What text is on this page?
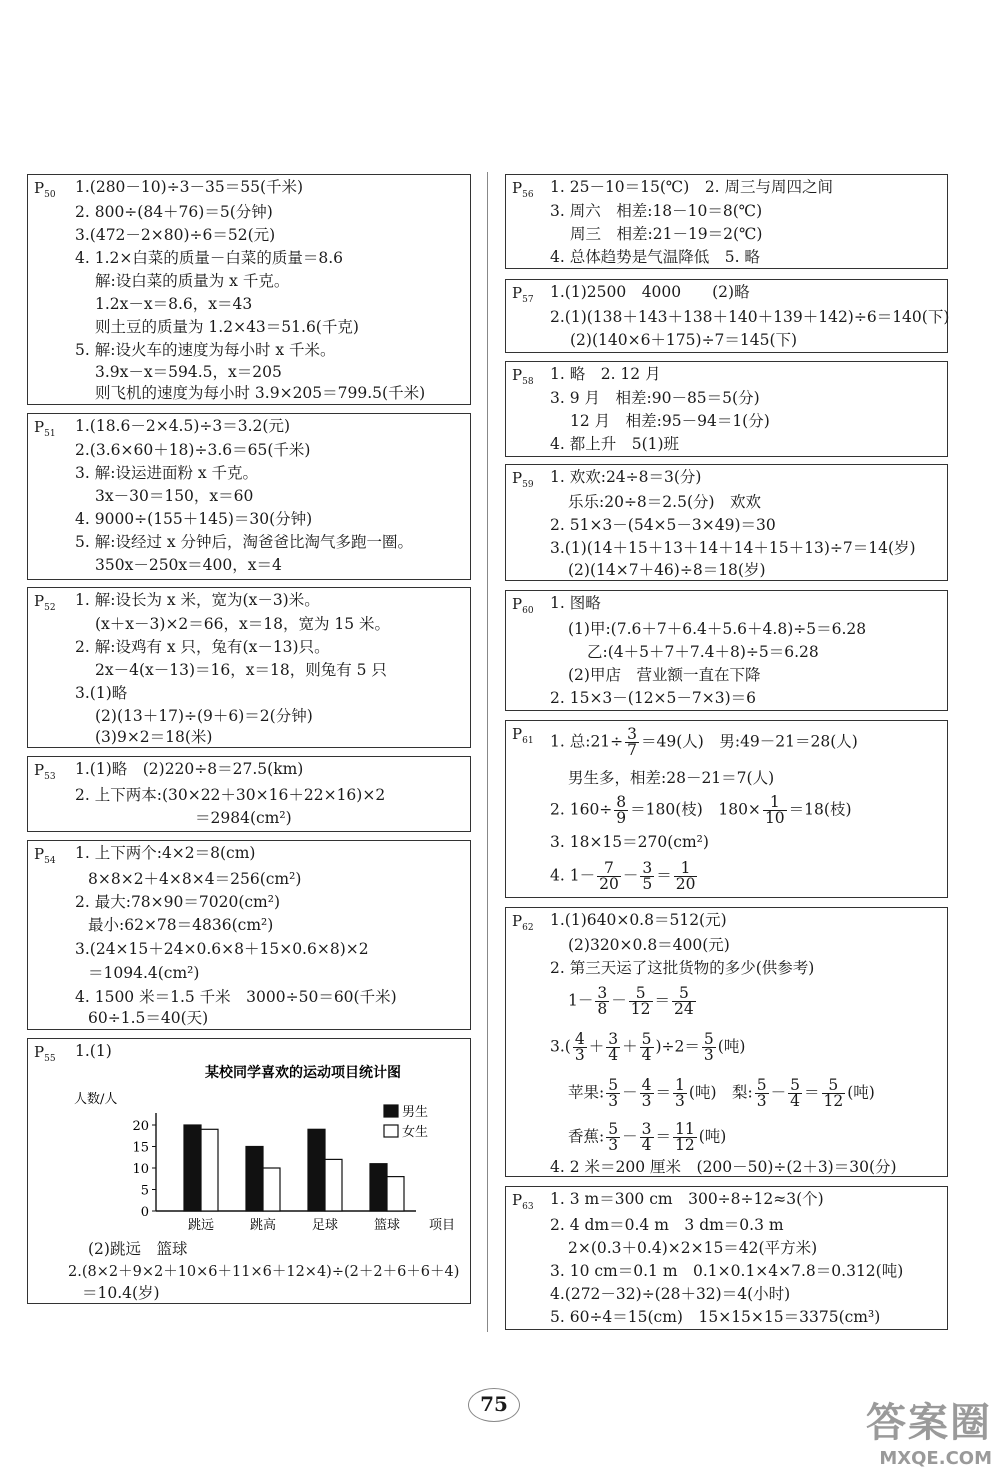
$P_{50}$ 1.(280－10)÷3－35＝55(千米)
2. 800÷(84＋76)＝5(分钟)
3.(472－2×80)÷6＝52(元)
4. 1.2×白菜的质量－白菜的质量＝8.6
解:设白菜的质量为 x 千克。
1.2x－x＝8.6，x＝43
则土豆的质量为 1.2×43＝51.6(千克)
5. 解:设火车的速度为每小时 x 千米。
3.9x－x＝594.5，x＝205
则飞机的速度为每小时 3.9×205＝799.5(千米)
$P_{51}$ 1.(18.6－2×4.5)÷3＝3.2(元)
2.(3.6×60＋18)÷3.6＝65(千米)
3. 解:设运进面粉 x 千克。
3x－30＝150，x＝60
4. 9000÷(155＋145)＝30(分钟)
5. 解:设经过 x 分钟后，淘爸爸比淘气多跑一圈。
350x－250x＝400，x＝4
$P_{52}$ 1. 解:设长为 x 米，宽为(x－3)米。
(x＋x－3)×2＝66，x＝18，宽为 15 米。
2. 解:设鸡有 x 只，兔有(x－13)只。
2x－4(x－13)＝16，x＝18，则兔有 5 只
3.(1)略
(2)(13＋17)÷(9＋6)＝2(分钟)
(3)9×2＝18(米)
$P_{53}$ 1.(1)略　(2)220÷8＝27.5(km)
2. 上下两本:(30×22＋30×16＋22×16)×2
＝2984(cm²)
$P_{54}$ 1. 上下两个:4×2＝8(cm)
8×8×2＋4×8×4＝256(cm²)
2. 最大:78×90＝7020(cm²)
最小:62×78＝4836(cm²)
3.(24×15＋24×0.6×8＋15×0.6×8)×2
＝1094.4(cm²)
4. 1500 米＝1.5 千米　3000÷50＝60(千米)
60÷1.5＝40(天)
$P_{55}$ 1.(1)
某校同学喜欢的运动项目统计图
人数/人
0
5
10
15
20
跳远	跳高	足球	篮球 项目
男生
女生
(2)跳远　篮球
2.(8×2＋9×2＋10×6＋11×6＋12×4)÷(2＋2＋6＋6＋4)
＝10.4(岁)
$P_{56}$ 1. 25－10＝15(℃)　2. 周三与周四之间
3. 周六　相差:18－10＝8(℃)
周三　相差:21－19＝2(℃)
4. 总体趋势是气温降低　5. 略
$P_{57}$ 1.(1)2500　4000　　(2)略
2.(1)(138＋143＋138＋140＋139＋142)÷6＝140(下)
(2)(140×6＋175)÷7＝145(下)
$P_{58}$ 1. 略　2. 12 月
3. 9 月　相差:90－85＝5(分)
12 月　相差:95－94＝1(分)
4. 都上升　5(1)班
$P_{59}$ 1. 欢欢:24÷8＝3(分)
乐乐:20÷8＝2.5(分)　欢欢
2. 51×3－(54×5－3×49)＝30
3.(1)(14＋15＋13＋14＋14＋15＋13)÷7＝14(岁)
(2)(14×7＋46)÷8＝18(岁)
$P_{60}$ 1. 图略
(1)甲:(7.6＋7＋6.4＋5.6＋4.8)÷5＝6.28
乙:(4＋5＋7＋7.4＋8)÷5＝6.28
(2)甲店　营业额一直在下降
2. 15×3－(12×5－7×3)＝6
$P_{61}$ 1. 总:21÷ $\frac{3}{7} =49$(人)　男:49－21＝28(人)
男生多，相差:28－21＝7(人)
2. $160\div \frac{8}{9} =180$(枝)　$180\times \frac{1}{10} =18$(枝)
3. 18×15＝270(cm²)
4. $1- \frac{7}{20} - \frac{3}{5} = \frac{1}{20}$
$P_{62}$ 1.(1)640×0.8＝512(元)
(2)320×0.8＝400(元)
2. 第三天运了这批货物的多少(供参考)
$1- \frac{3}{8} - \frac{5}{12} = \frac{5}{24}$
$3.( \frac{4}{3} + \frac{3}{4} + \frac{5}{4} )\div 2= \frac{5}{3}$ (吨)
苹果: $\frac{5}{3} - \frac{4}{3} = \frac{1}{3}$ (吨)　梨: $\frac{5}{3} - \frac{5}{4} = \frac{5}{12}$ (吨)
香蕉: $\frac{5}{3} - \frac{3}{4} = \frac{11}{12}$ (吨)
4. 2 米＝200 厘米　(200－50)÷(2＋3)＝30(分)
$P_{63}$ 1. 3 m＝300 cm　300÷8÷12≈3(个)
2. 4 dm＝0.4 m　3 dm＝0.3 m
2×(0.3＋0.4)×2×15＝42(平方米)
3. 10 cm＝0.1 m　0.1×0.1×4×7.8＝0.312(吨)
4.(272－32)÷(28＋32)＝4(小时)
5. 60÷4＝15(cm)　15×15×15＝3375(cm³)
75	答案圈
MXQE.COM
